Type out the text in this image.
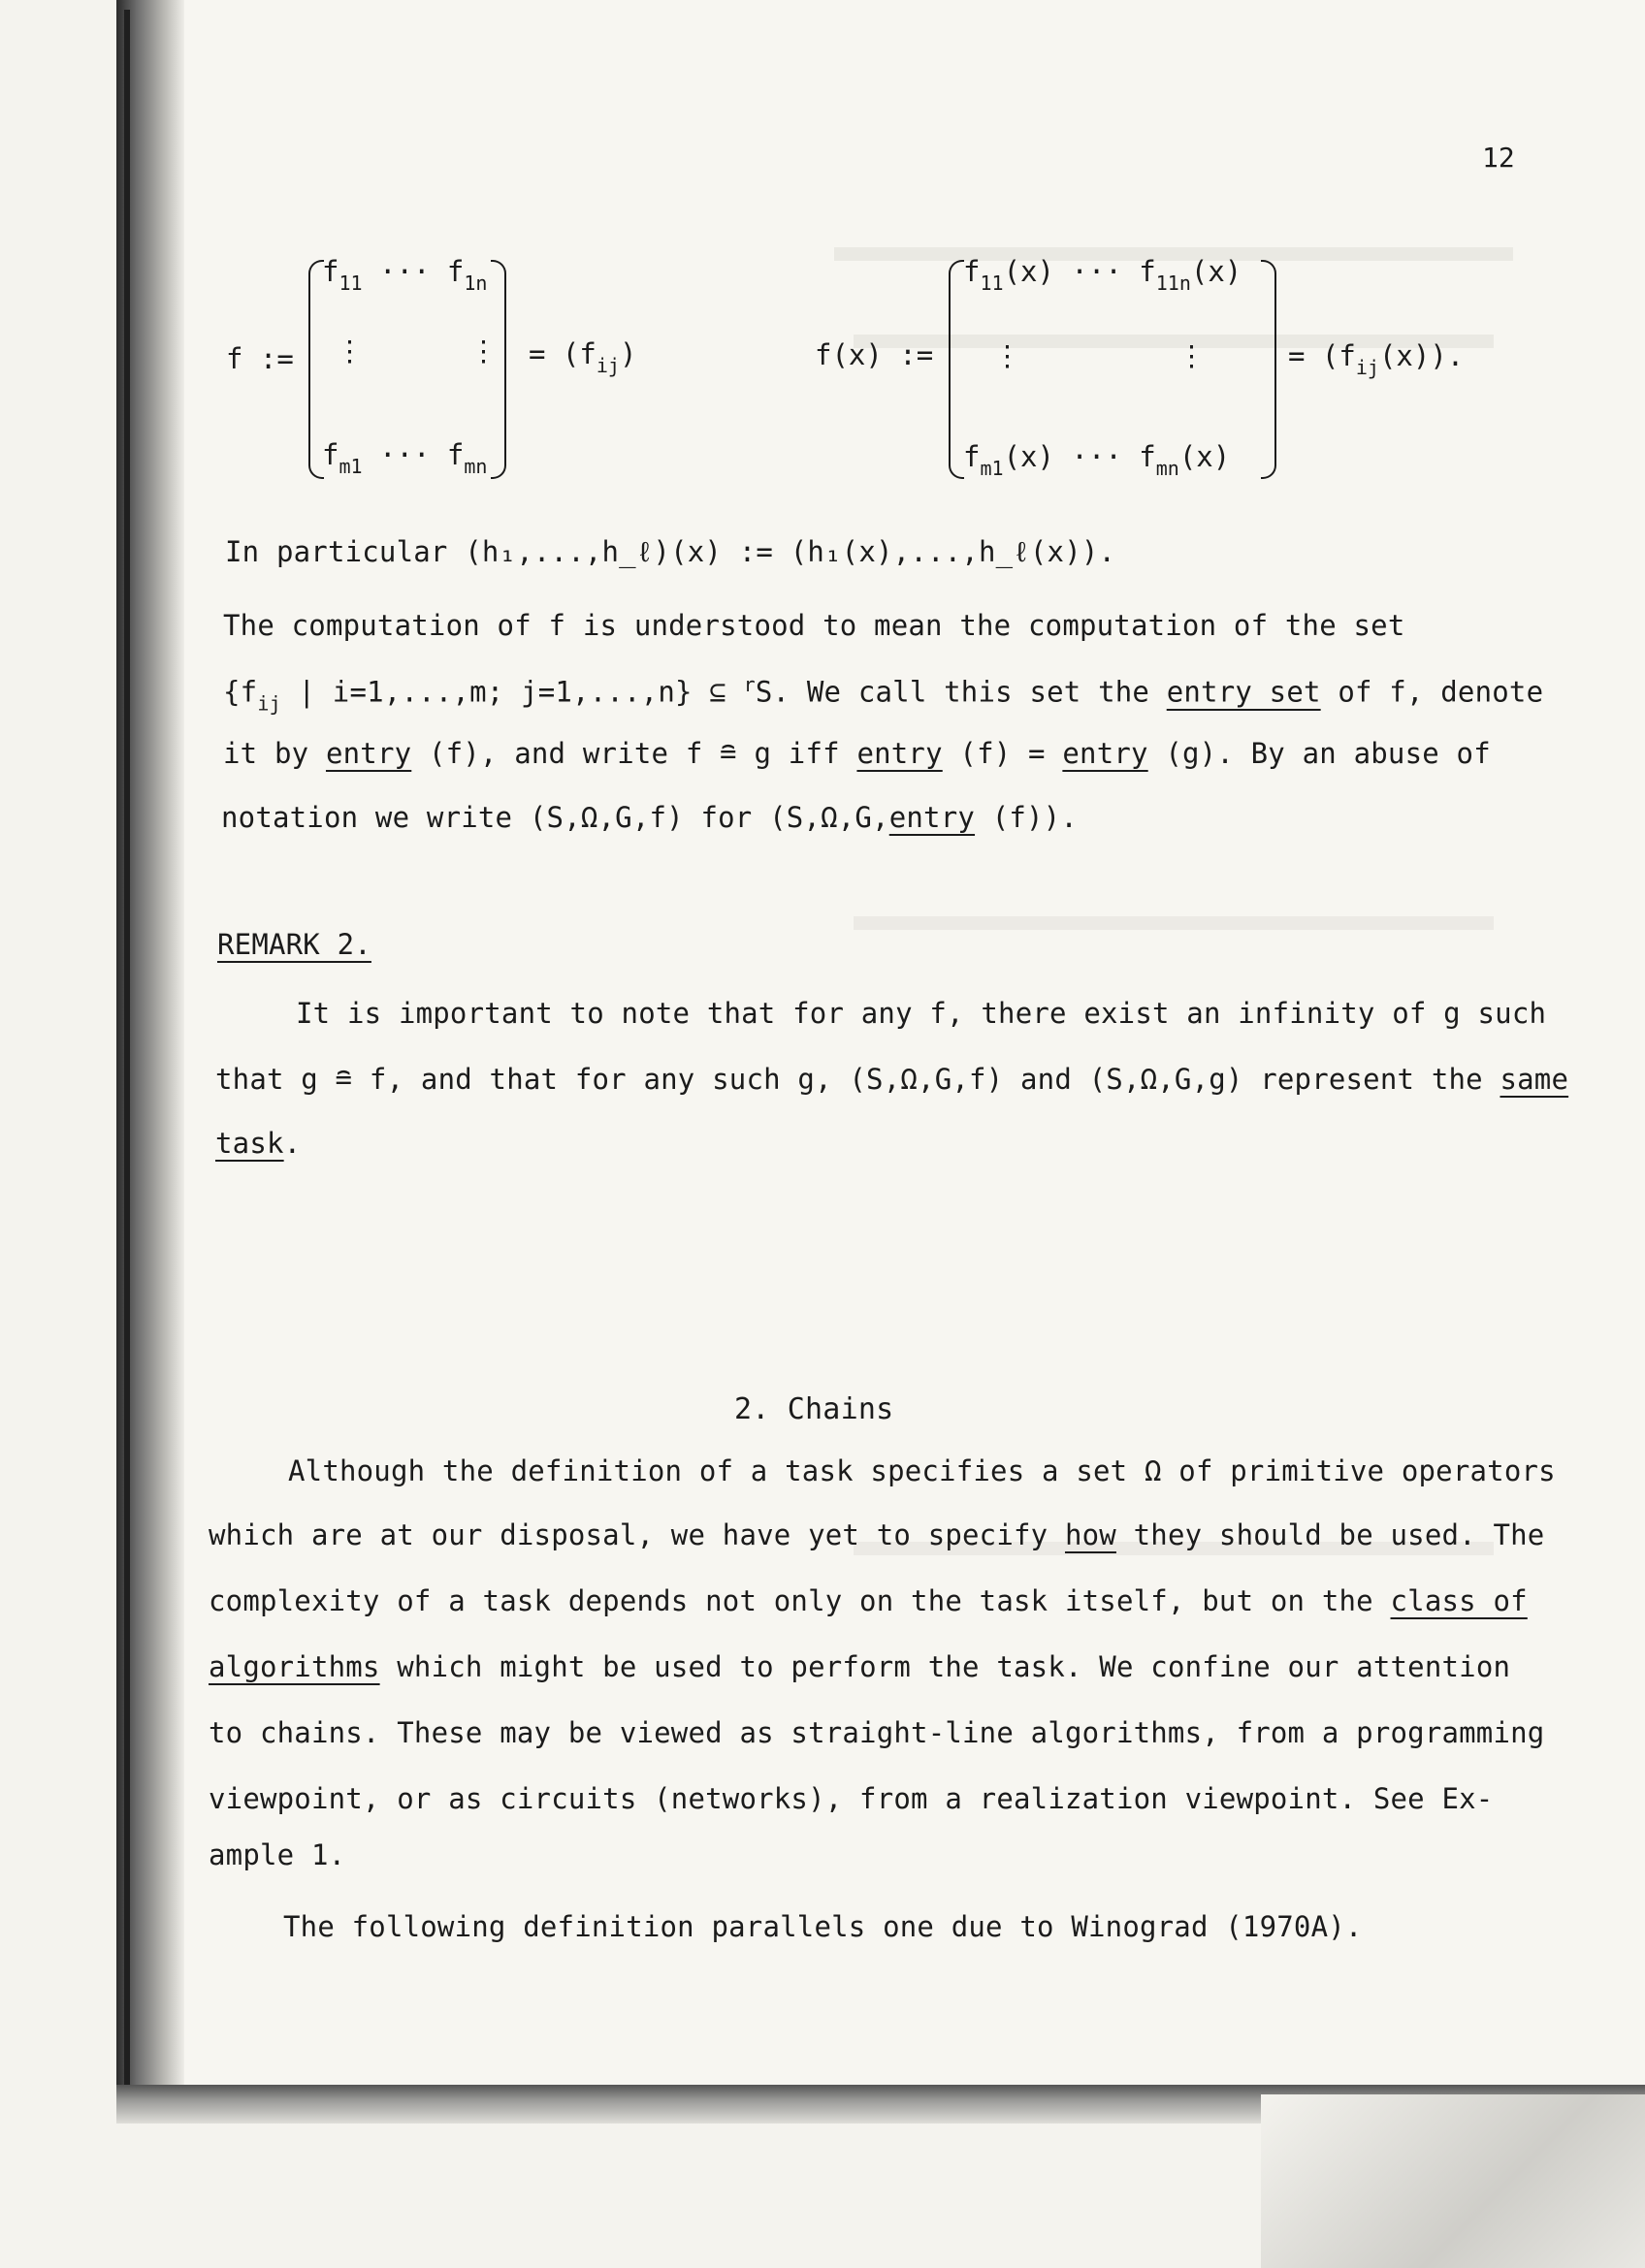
12
f :=
$f_{11}$ ··· $f_{1n}$
⋮	⋮
$f_{m1}$ ··· $f_{mn}$
= $(f_{ij})$	f(x) :=
$f_{11}(x)$ ··· $f_{11n}(x)$
⋮	⋮
$f_{m1}(x)$ ··· $f_{mn}(x)$
= $(f_{ij}(x))$.
In particular (h₁,...,h_ℓ)(x) := (h₁(x),...,h_ℓ(x)).
The computation of f is understood to mean the computation of the set
{$f_{ij}$ | i=1,...,m; j=1,...,n} ⊆ $^r$S. We call this set the entry set of f, denote
it by entry (f), and write f ≘ g iff entry (f) = entry (g). By an abuse of
notation we write (S,Ω,G,f) for (S,Ω,G,entry (f)).
REMARK 2.
It is important to note that for any f, there exist an infinity of g such
that g ≘ f, and that for any such g, (S,Ω,G,f) and (S,Ω,G,g) represent the same
task.
2. Chains
Although the definition of a task specifies a set Ω of primitive operators
which are at our disposal, we have yet to specify how they should be used. The
complexity of a task depends not only on the task itself, but on the class of
algorithms which might be used to perform the task. We confine our attention
to chains. These may be viewed as straight-line algorithms, from a programming
viewpoint, or as circuits (networks), from a realization viewpoint. See Ex-
ample 1.
The following definition parallels one due to Winograd (1970A).
